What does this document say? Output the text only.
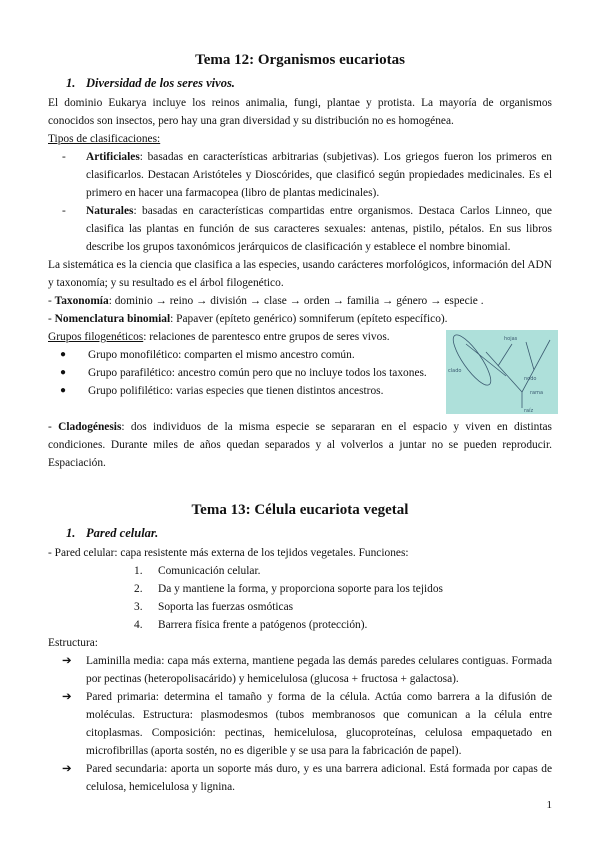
Tema 12: Organismos eucariotas
1. Diversidad de los seres vivos.

El dominio Eukarya incluye los reinos animalia, fungi, plantae y protista. La mayoría de organismos conocidos son insectos, pero hay una gran diversidad y su distribución no es homogénea.

Tipos de clasificaciones:

- Artificiales: basadas en características arbitrarias (subjetivas). Los griegos fueron los primeros en clasificarlos. Destacan Aristóteles y Dioscórides, que clasificó según propiedades medicinales. Es el primero en hacer una farmacopea (libro de plantas medicinales).
- Naturales: basadas en características compartidas entre organismos. Destaca Carlos Linneo, que clasifica las plantas en función de sus caracteres sexuales: antenas, pistilo, pétalos. En sus libros describe los grupos taxonómicos jerárquicos de clasificación y establece el nombre binomial.

La sistemática es la ciencia que clasifica a las especies, usando carácteres morfológicos, información del ADN y taxonomía; y su resultado es el árbol filogenético.

- Taxonomía: dominio → reino → división → clase → orden → familia → género → especie .

- Nomenclatura binomial: Papaver (epíteto genérico) somniferum (epíteto específico).

hojas
clado
nodo
rama
raíz

Grupos filogenéticos: relaciones de parentesco entre grupos de seres vivos.

● Grupo monofilético: comparten el mismo ancestro común.
● Grupo parafilético: ancestro común pero que no incluye todos los taxones.
● Grupo polifilético: varias especies que tienen distintos ancestros.

- Cladogénesis: dos individuos de la misma especie se separaran en el espacio y viven en distintas condiciones. Durante miles de años quedan separados y al volverlos a juntar no se pueden reproducir. Espaciación.

Tema 13: Célula eucariota vegetal
1. Pared celular.

- Pared celular: capa resistente más externa de los tejidos vegetales. Funciones:

1. Comunicación celular.
2. Da y mantiene la forma, y proporciona soporte para los tejidos
3. Soporta las fuerzas osmóticas
4. Barrera física frente a patógenos (protección).

Estructura:

➔ Laminilla media: capa más externa, mantiene pegada las demás paredes celulares contiguas. Formada por pectinas (heteropolisacárido) y hemicelulosa (glucosa + fructosa + galactosa).
➔ Pared primaria: determina el tamaño y forma de la célula. Actúa como barrera a la difusión de moléculas. Estructura: plasmodesmos (tubos membranosos que comunican a la célula entre citoplasmas. Composición: pectinas, hemicelulosa, glucoproteínas, celulosa empaquetado en microfibrillas (aporta sostén, no es digerible y se usa para la fabricación de papel).
➔ Pared secundaria: aporta un soporte más duro, y es una barrera adicional. Está formada por capas de celulosa, hemicelulosa y lignina.
1
